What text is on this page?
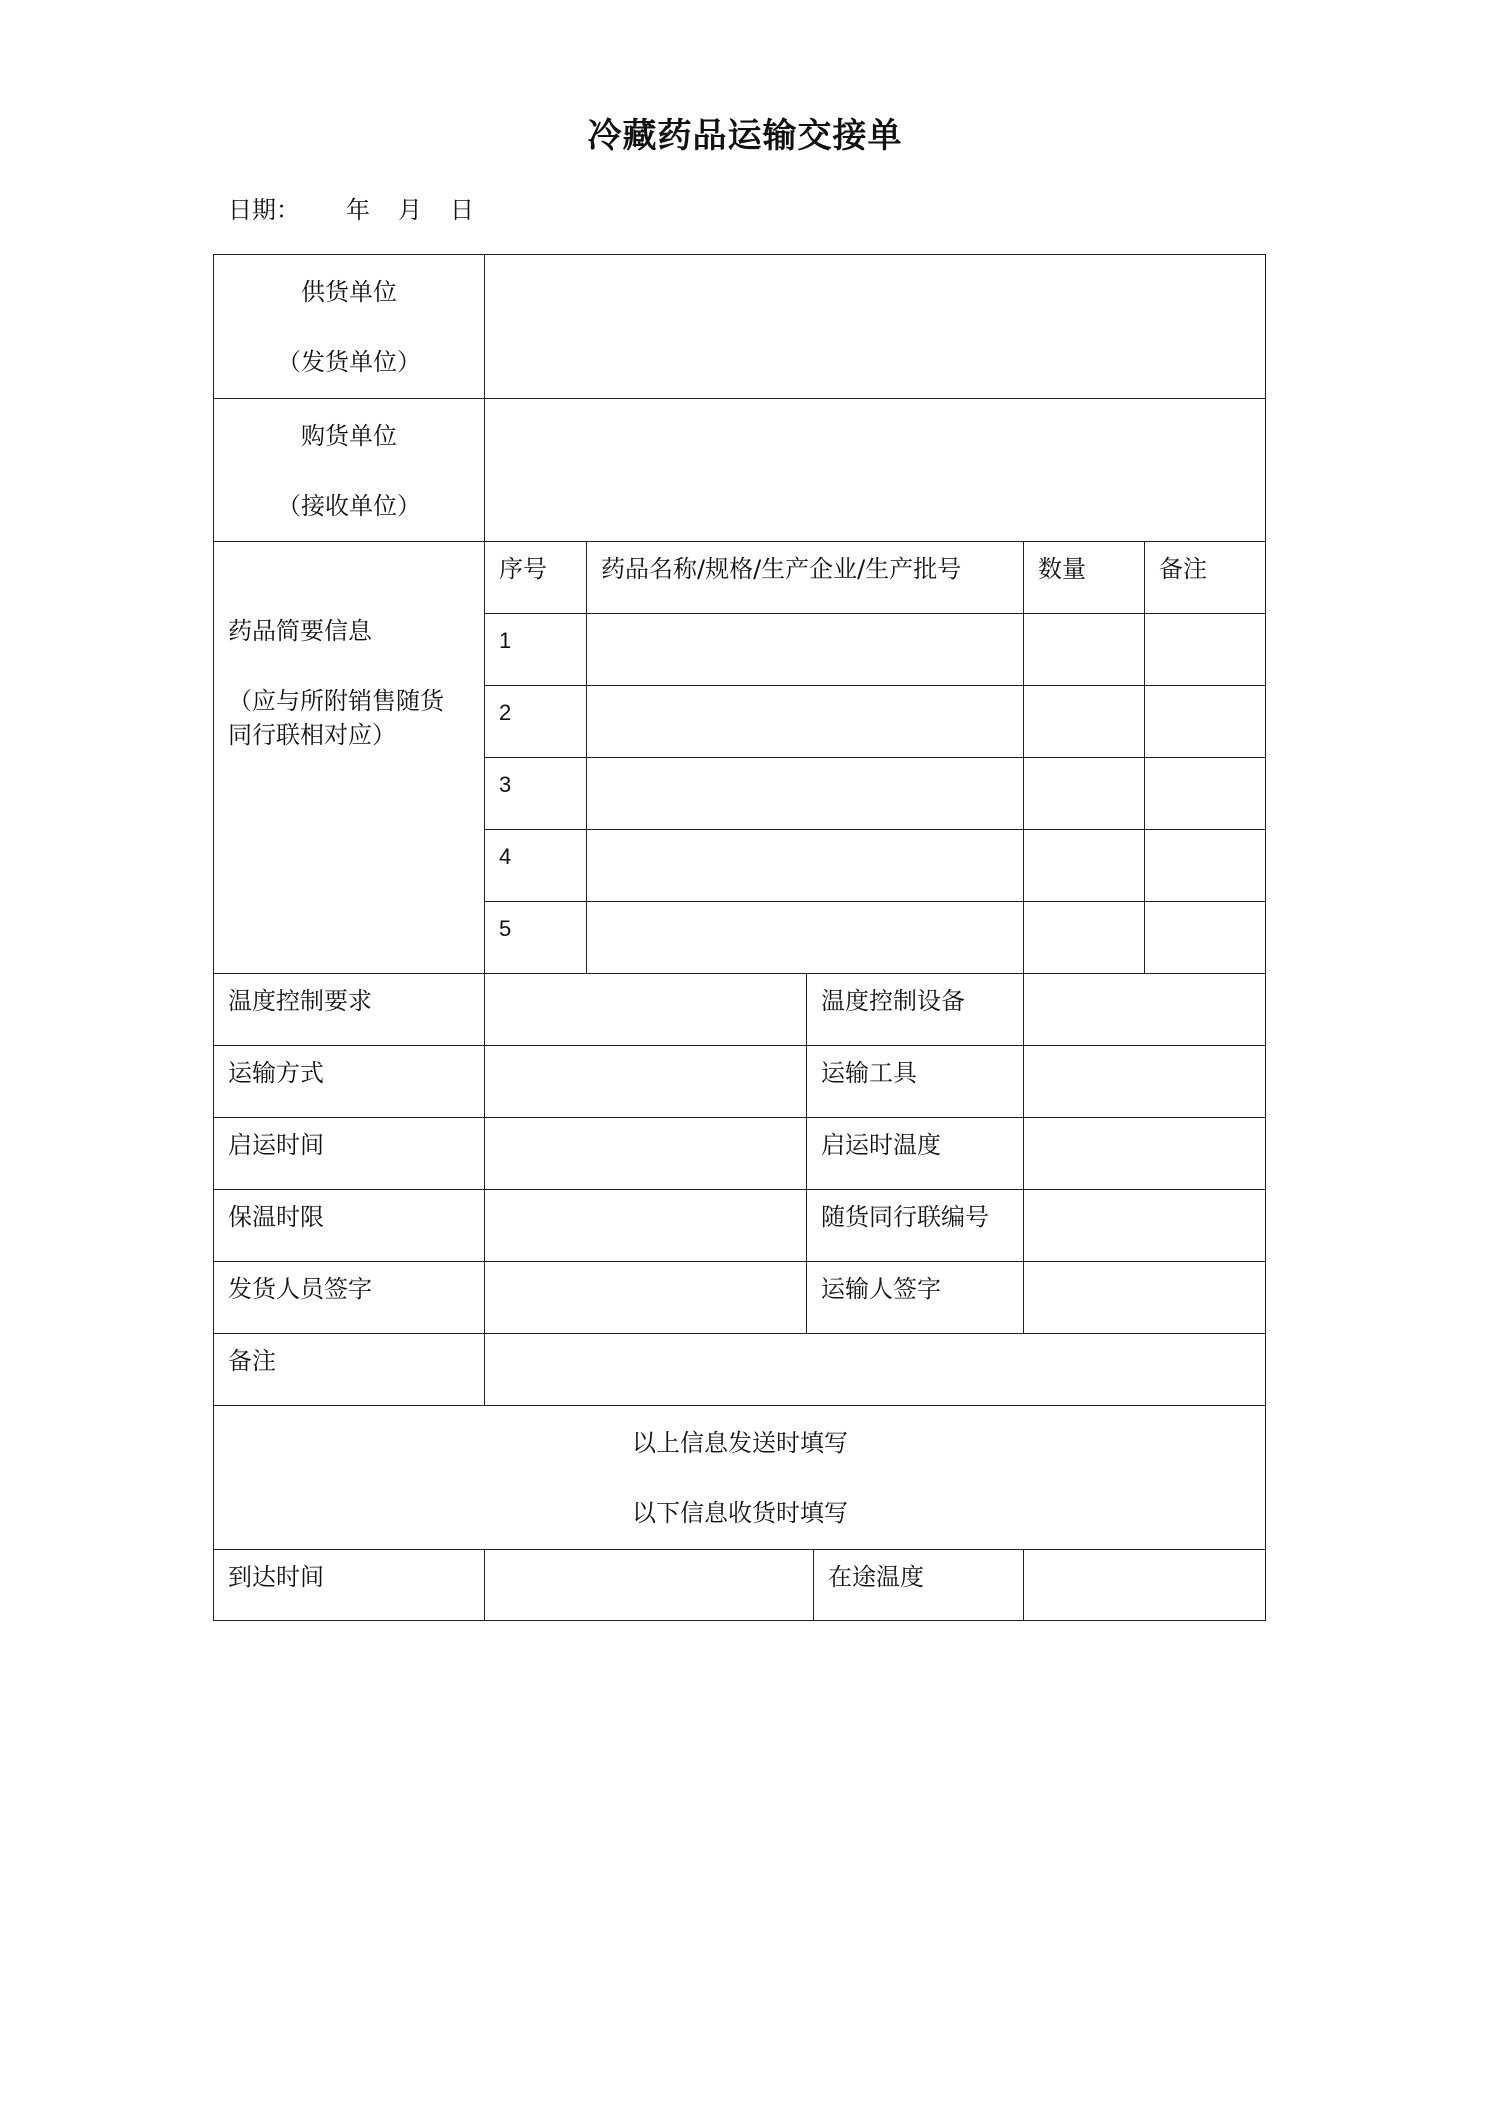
冷藏药品运输交接单
日期： 年 月 日
供货单位
（发货单位）
购货单位
（接收单位）
药品简要信息
（应与所附销售随货
同行联相对应）
序号	药品名称/规格/生产企业/生产批号	数量	备注
1
2
3
4
5
温度控制要求	温度控制设备
运输方式	运输工具
启运时间	启运时温度
保温时限	随货同行联编号
发货人员签字	运输人签字
备注
以上信息发送时填写
以下信息收货时填写
到达时间	在途温度
